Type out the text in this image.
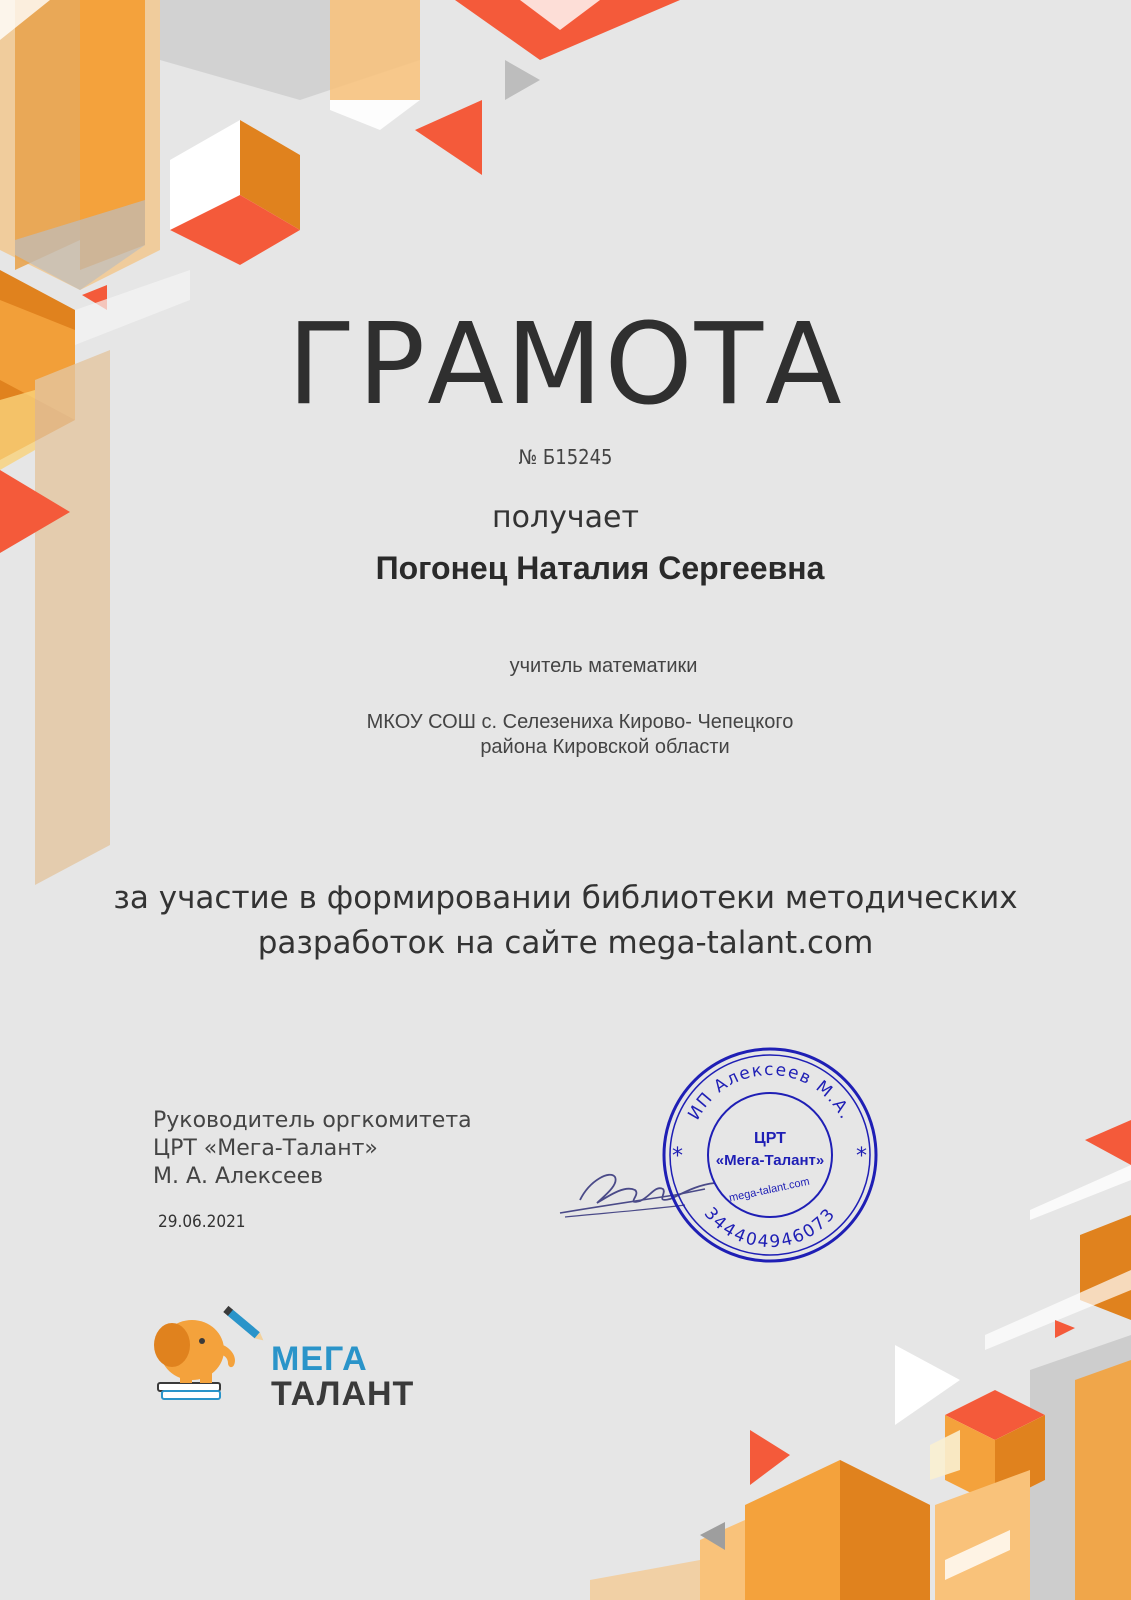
ГРАМОТА

№ Б15245

получает

Погонец Наталия Сергеевна

учитель математики

МКОУ СОШ с. Селезениха Кирово- Чепецкого

района Кировской области

за участие в формировании библиотеки методических

разработок на сайте mega-talant.com

Руководитель оргкомитета

ЦРТ «Мега-Талант»

М. А. Алексеев

29.06.2021

ИП Алексеев М.А.
344404946073
*	*
ЦРТ
«Мега-Талант»
mega-talant.com

МЕГА

ТАЛАНТ
